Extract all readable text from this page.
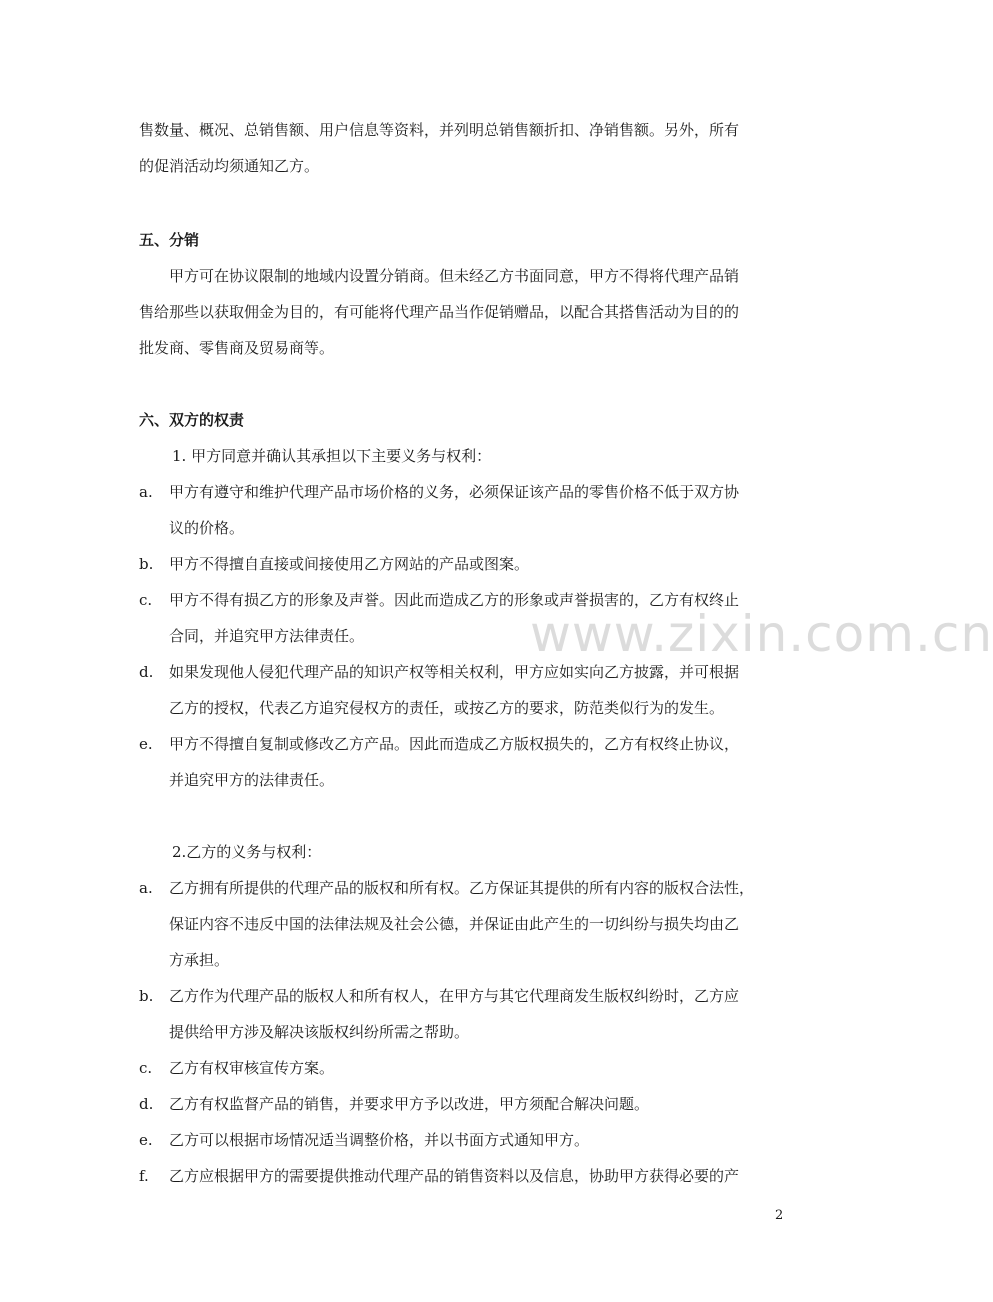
售数量、概况、总销售额、用户信息等资料，并列明总销售额折扣、净销售额。另外，所有
的促消活动均须通知乙方。
五、分销
甲方可在协议限制的地域内设置分销商。但未经乙方书面同意，甲方不得将代理产品销
售给那些以获取佣金为目的，有可能将代理产品当作促销赠品，以配合其搭售活动为目的的
批发商、零售商及贸易商等。
六、双方的权责
1. 甲方同意并确认其承担以下主要义务与权利：
a. 甲方有遵守和维护代理产品市场价格的义务，必须保证该产品的零售价格不低于双方协
议的价格。
b. 甲方不得擅自直接或间接使用乙方网站的产品或图案。
c. 甲方不得有损乙方的形象及声誉。因此而造成乙方的形象或声誉损害的，乙方有权终止
合同，并追究甲方法律责任。
d. 如果发现他人侵犯代理产品的知识产权等相关权利，甲方应如实向乙方披露，并可根据
乙方的授权，代表乙方追究侵权方的责任，或按乙方的要求，防范类似行为的发生。
e. 甲方不得擅自复制或修改乙方产品。因此而造成乙方版权损失的，乙方有权终止协议，
并追究甲方的法律责任。
2.乙方的义务与权利：
a. 乙方拥有所提供的代理产品的版权和所有权。乙方保证其提供的所有内容的版权合法性，
保证内容不违反中国的法律法规及社会公德，并保证由此产生的一切纠纷与损失均由乙
方承担。
b. 乙方作为代理产品的版权人和所有权人，在甲方与其它代理商发生版权纠纷时，乙方应
提供给甲方涉及解决该版权纠纷所需之帮助。
c. 乙方有权审核宣传方案。
d. 乙方有权监督产品的销售，并要求甲方予以改进，甲方须配合解决问题。
e. 乙方可以根据市场情况适当调整价格，并以书面方式通知甲方。
f. 乙方应根据甲方的需要提供推动代理产品的销售资料以及信息，协助甲方获得必要的产
www.zixin.com.cn
2
